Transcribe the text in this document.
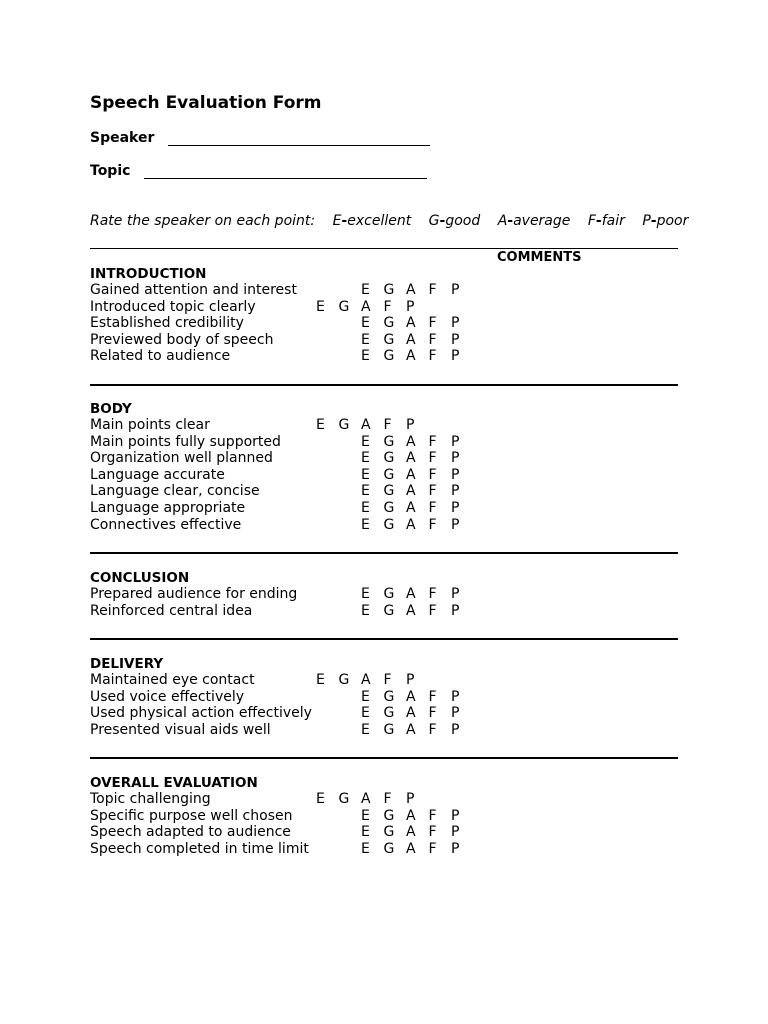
Speech Evaluation Form
Speaker
Topic
Rate the speaker on each point: E-excellent G-good A-average F-fair P-poor
COMMENTS
INTRODUCTION
Gained attention and interest	E G A F	P
Introduced topic clearly	E G A F	P
Established credibility	E G A F	P
Previewed body of speech	E G A F	P
Related to audience	E G A F	P
BODY
Main points clear	E G A F	P
Main points fully supported	E G A F	P
Organization well planned	E G A F	P
Language accurate	E G A F	P
Language clear, concise	E G A F	P
Language appropriate	E G A F	P
Connectives effective	E G A F	P
CONCLUSION
Prepared audience for ending	E G A F	P
Reinforced central idea	E G A F	P
DELIVERY
Maintained eye contact	E G A F	P
Used voice effectively	E G A F	P
Used physical action effectively	E G A F	P
Presented visual aids well	E G A F	P
OVERALL EVALUATION
Topic challenging	E G A F	P
Specific purpose well chosen	E G A F	P
Speech adapted to audience	E G A F	P
Speech completed in time limit	E G A F	P
